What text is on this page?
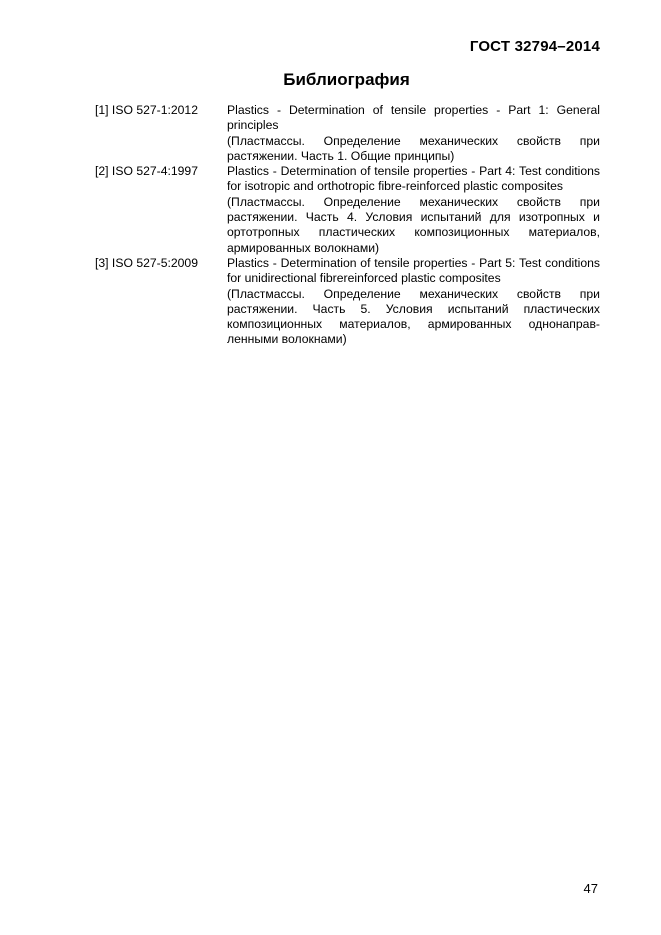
ГОСТ 32794–2014
Библиография
[1] ISO 527-1:2012	Plastics - Determination of tensile properties - Part 1: General principles

(Пластмассы. Определение механических свойств при растяжении. Часть 1. Общие принципы)

[2] ISO 527-4:1997	Plastics - Determination of tensile properties - Part 4: Test conditions for isotropic and orthotropic fibre-reinforced plastic composites

(Пластмассы. Определение механических свойств при растяжении. Часть 4. Условия испытаний для изотропных и ортотропных пластических композиционных материалов, армированных волокнами)

[3] ISO 527-5:2009	Plastics - Determination of tensile properties - Part 5: Test conditions for unidirectional fibrereinforced plastic composites

(Пластмассы. Определение механических свойств при растяжении. Часть 5. Условия испытаний пластических композиционных материалов, армированных однонаправ-ленными волокнами)

47
